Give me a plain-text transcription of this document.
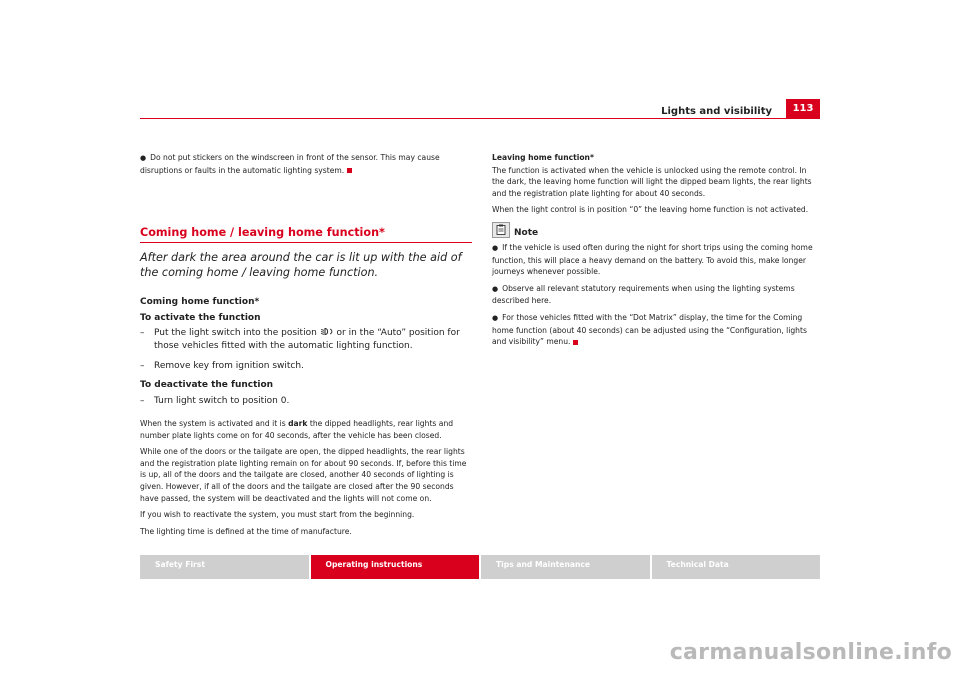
Lights and visibility	113

● Do not put stickers on the windscreen in front of the sensor. This may cause disruptions or faults in the automatic lighting system.

Coming home / leaving home function*

After dark the area around the car is lit up with the aid of the coming home / leaving home function.

Coming home function*

To activate the function

– Put the light switch into the position or in the “Auto” position for those vehicles fitted with the automatic lighting function.
– Remove key from ignition switch.

To deactivate the function

– Turn light switch to position 0.

When the system is activated and it is dark the dipped headlights, rear lights and number plate lights come on for 40 seconds, after the vehicle has been closed.

While one of the doors or the tailgate are open, the dipped headlights, the rear lights and the registration plate lighting remain on for about 90 seconds. If, before this time is up, all of the doors and the tailgate are closed, another 40 seconds of lighting is given. However, if all of the doors and the tailgate are closed after the 90 seconds have passed, the system will be deactivated and the lights will not come on.

If you wish to reactivate the system, you must start from the beginning.

The lighting time is defined at the time of manufacture.

Leaving home function*

The function is activated when the vehicle is unlocked using the remote control. In the dark, the leaving home function will light the dipped beam lights, the rear lights and the registration plate lighting for about 40 seconds.

When the light control is in position “0” the leaving home function is not activated.

Note

● If the vehicle is used often during the night for short trips using the coming home function, this will place a heavy demand on the battery. To avoid this, make longer journeys whenever possible.

● Observe all relevant statutory requirements when using the lighting systems described here.

● For those vehicles fitted with the “Dot Matrix” display, the time for the Coming home function (about 40 seconds) can be adjusted using the “Configuration, lights and visibility” menu.

Safety First	Operating instructions	Tips and Maintenance	Technical Data
carmanualsonline.info
